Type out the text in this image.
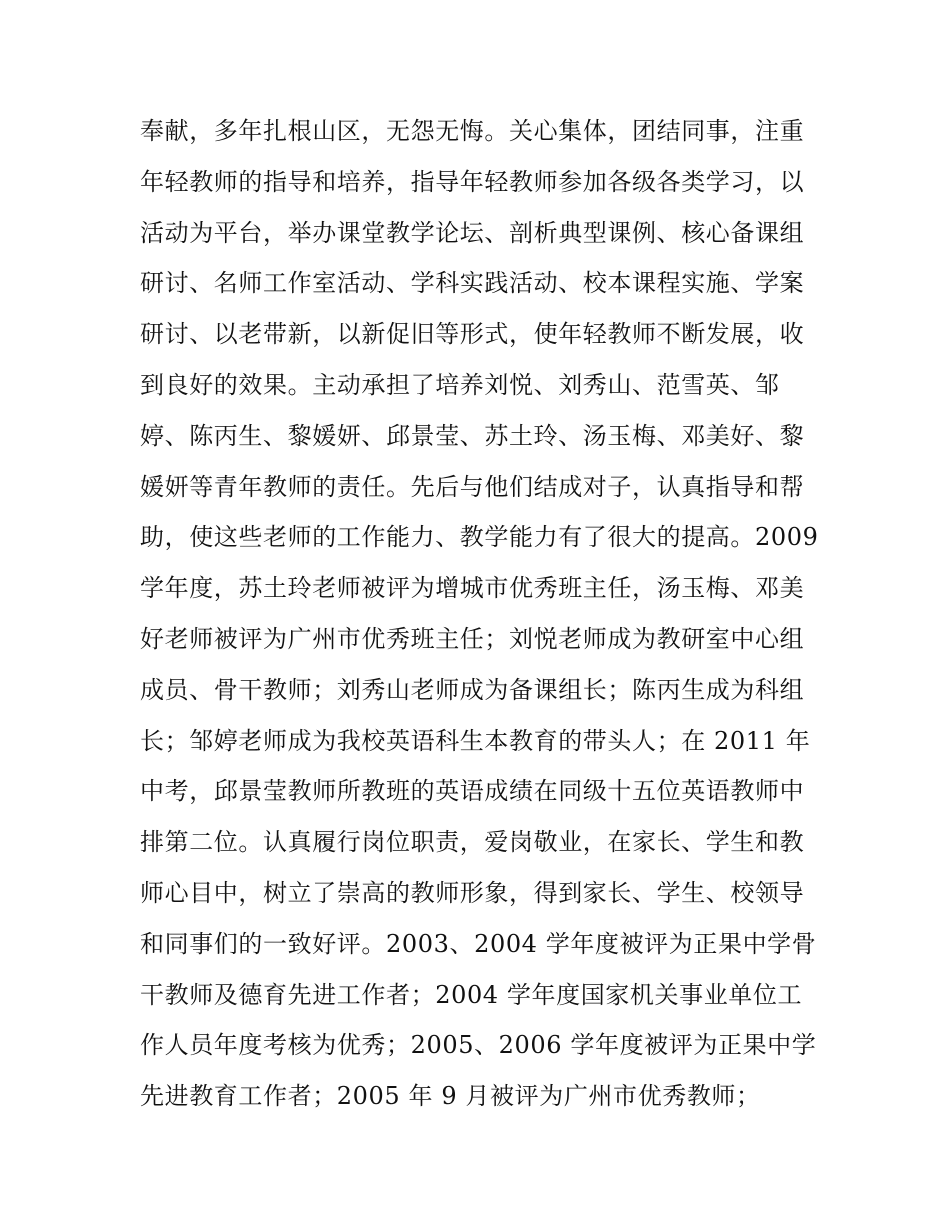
奉献，多年扎根山区，无怨无悔。关心集体，团结同事，注重
年轻教师的指导和培养，指导年轻教师参加各级各类学习，以
活动为平台，举办课堂教学论坛、剖析典型课例、核心备课组
研讨、名师工作室活动、学科实践活动、校本课程实施、学案
研讨、以老带新，以新促旧等形式，使年轻教师不断发展，收
到良好的效果。主动承担了培养刘悦、刘秀山、范雪英、邹
婷、陈丙生、黎媛妍、邱景莹、苏土玲、汤玉梅、邓美好、黎
媛妍等青年教师的责任。先后与他们结成对子，认真指导和帮
助，使这些老师的工作能力、教学能力有了很大的提高。2009
学年度，苏土玲老师被评为增城市优秀班主任，汤玉梅、邓美
好老师被评为广州市优秀班主任；刘悦老师成为教研室中心组
成员、骨干教师；刘秀山老师成为备课组长；陈丙生成为科组
长；邹婷老师成为我校英语科生本教育的带头人；在 2011 年
中考，邱景莹教师所教班的英语成绩在同级十五位英语教师中
排第二位。认真履行岗位职责，爱岗敬业，在家长、学生和教
师心目中，树立了崇高的教师形象，得到家长、学生、校领导
和同事们的一致好评。2003、2004 学年度被评为正果中学骨
干教师及德育先进工作者；2004 学年度国家机关事业单位工
作人员年度考核为优秀；2005、2006 学年度被评为正果中学
先进教育工作者；2005 年 9 月被评为广州市优秀教师；
